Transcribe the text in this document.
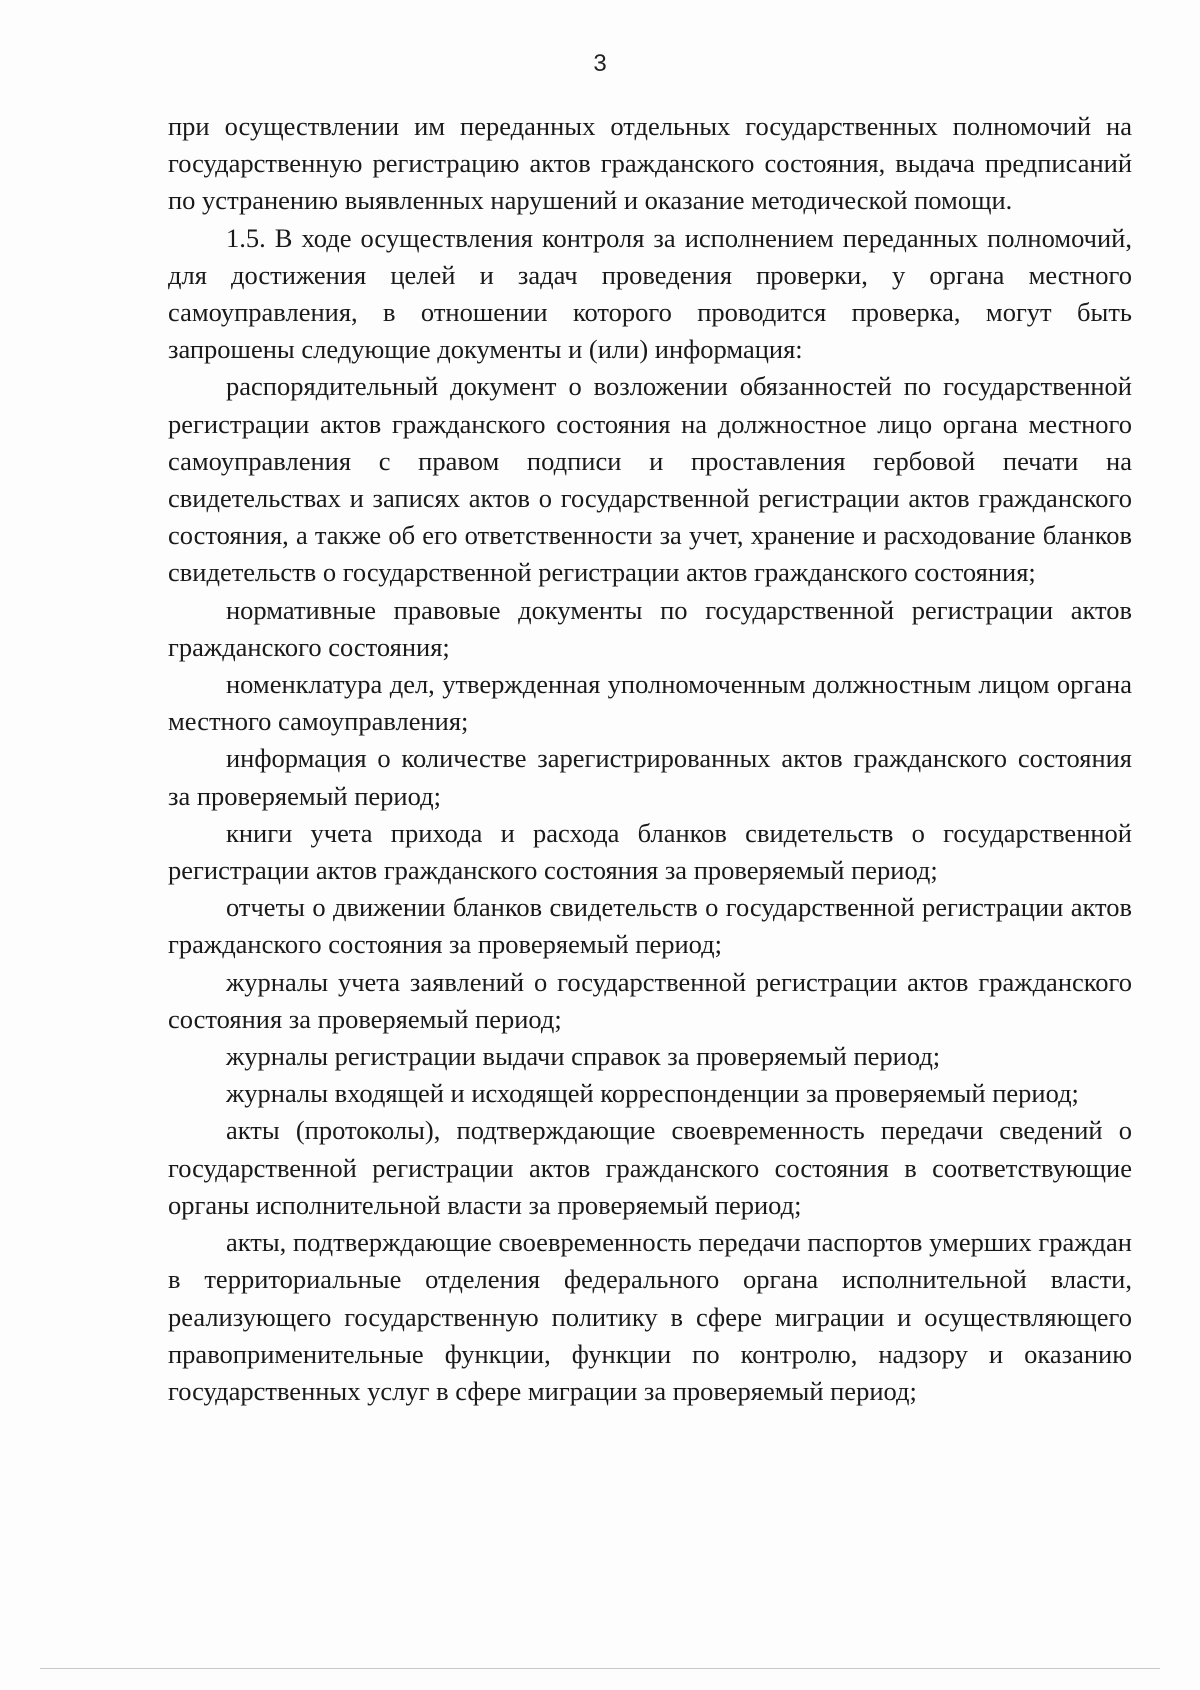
3

при осуществлении им переданных отдельных государственных полномочий на государственную регистрацию актов гражданского состояния, выдача предписаний по устранению выявленных нарушений и оказание методической помощи.

1.5. В ходе осуществления контроля за исполнением переданных полномочий, для достижения целей и задач проведения проверки, у органа местного самоуправления, в отношении которого проводится проверка, могут быть запрошены следующие документы и (или) информация:

распорядительный документ о возложении обязанностей по государственной регистрации актов гражданского состояния на должностное лицо органа местного самоуправления с правом подписи и проставления гербовой печати на свидетельствах и записях актов о государственной регистрации актов гражданского состояния, а также об его ответственности за учет, хранение и расходование бланков свидетельств о государственной регистрации актов гражданского состояния;

нормативные правовые документы по государственной регистрации актов гражданского состояния;

номенклатура дел, утвержденная уполномоченным должностным лицом органа местного самоуправления;

информация о количестве зарегистрированных актов гражданского состояния за проверяемый период;

книги учета прихода и расхода бланков свидетельств о государственной регистрации актов гражданского состояния за проверяемый период;

отчеты о движении бланков свидетельств о государственной регистрации актов гражданского состояния за проверяемый период;

журналы учета заявлений о государственной регистрации актов гражданского состояния за проверяемый период;

журналы регистрации выдачи справок за проверяемый период;

журналы входящей и исходящей корреспонденции за проверяемый период;

акты (протоколы), подтверждающие своевременность передачи сведений о государственной регистрации актов гражданского состояния в соответствующие органы исполнительной власти за проверяемый период;

акты, подтверждающие своевременность передачи паспортов умерших граждан в территориальные отделения федерального органа исполнительной власти, реализующего государственную политику в сфере миграции и осуществляющего правоприменительные функции, функции по контролю, надзору и оказанию государственных услуг в сфере миграции за проверяемый период;
